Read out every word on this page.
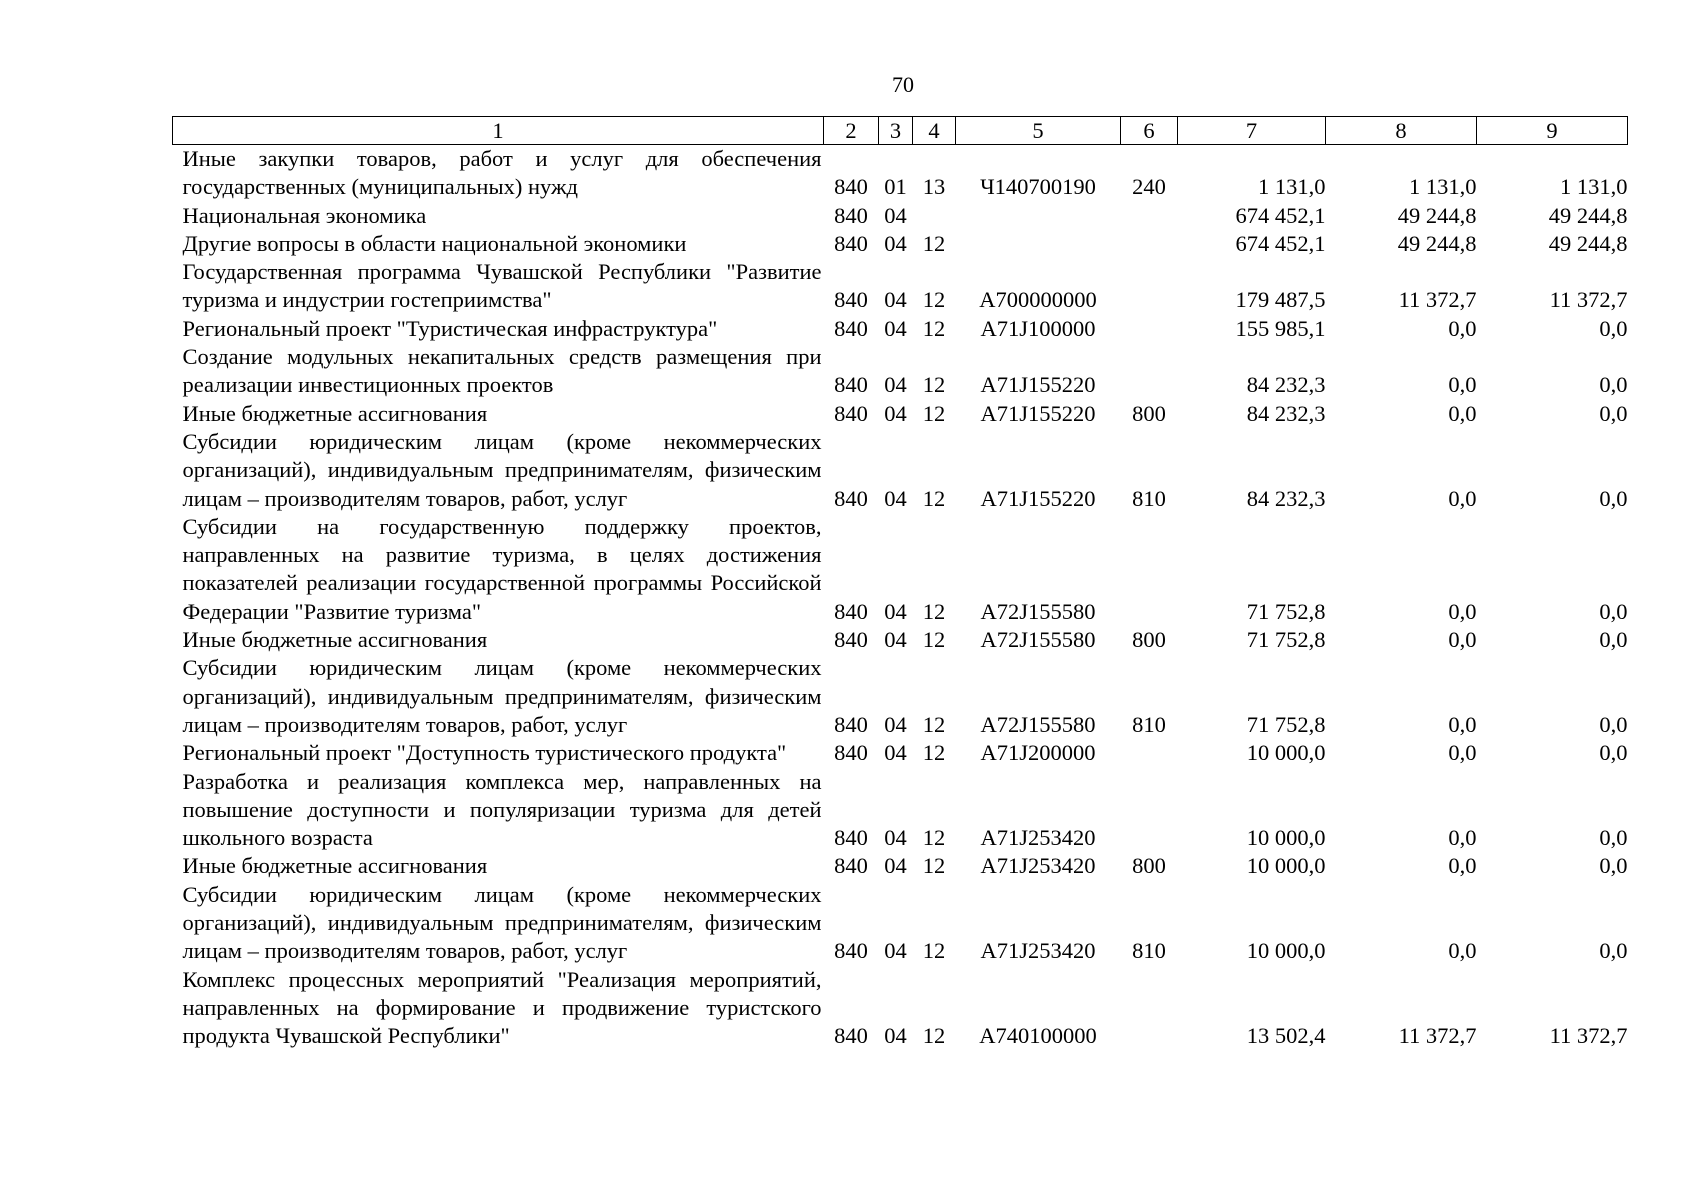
70
1	2	3	4	5	6	7	8	9
Иные закупки товаров, работ и услуг для обеспечения государственных (муниципальных) нужд	840	01	13	Ч140700190	240	1 131,0	1 131,0	1 131,0
Национальная экономика	840	04				674 452,1	49 244,8	49 244,8
Другие вопросы в области национальной экономики	840	04	12			674 452,1	49 244,8	49 244,8
Государственная программа Чувашской Республики "Развитие туризма и индустрии гостеприимства"	840	04	12	А700000000		179 487,5	11 372,7	11 372,7
Региональный проект "Туристическая инфраструктура"	840	04	12	А71J100000		155 985,1	0,0	0,0
Создание модульных некапитальных средств размещения при реализации инвестиционных проектов	840	04	12	А71J155220		84 232,3	0,0	0,0
Иные бюджетные ассигнования	840	04	12	А71J155220	800	84 232,3	0,0	0,0
Субсидии юридическим лицам (кроме некоммерческих организаций), индивидуальным предпринимателям, физическим лицам – производителям товаров, работ, услуг	840	04	12	А71J155220	810	84 232,3	0,0	0,0
Субсидии на государственную поддержку проектов, направленных на развитие туризма, в целях достижения показателей реализации государственной программы Российской Федерации "Развитие туризма"	840	04	12	А72J155580		71 752,8	0,0	0,0
Иные бюджетные ассигнования	840	04	12	А72J155580	800	71 752,8	0,0	0,0
Субсидии юридическим лицам (кроме некоммерческих организаций), индивидуальным предпринимателям, физическим лицам – производителям товаров, работ, услуг	840	04	12	А72J155580	810	71 752,8	0,0	0,0
Региональный проект "Доступность туристического продукта"	840	04	12	А71J200000		10 000,0	0,0	0,0
Разработка и реализация комплекса мер, направленных на повышение доступности и популяризации туризма для детей школьного возраста	840	04	12	А71J253420		10 000,0	0,0	0,0
Иные бюджетные ассигнования	840	04	12	А71J253420	800	10 000,0	0,0	0,0
Субсидии юридическим лицам (кроме некоммерческих организаций), индивидуальным предпринимателям, физическим лицам – производителям товаров, работ, услуг	840	04	12	А71J253420	810	10 000,0	0,0	0,0
Комплекс процессных мероприятий "Реализация мероприятий, направленных на формирование и продвижение туристского продукта Чувашской Республики"	840	04	12	А740100000		13 502,4	11 372,7	11 372,7
